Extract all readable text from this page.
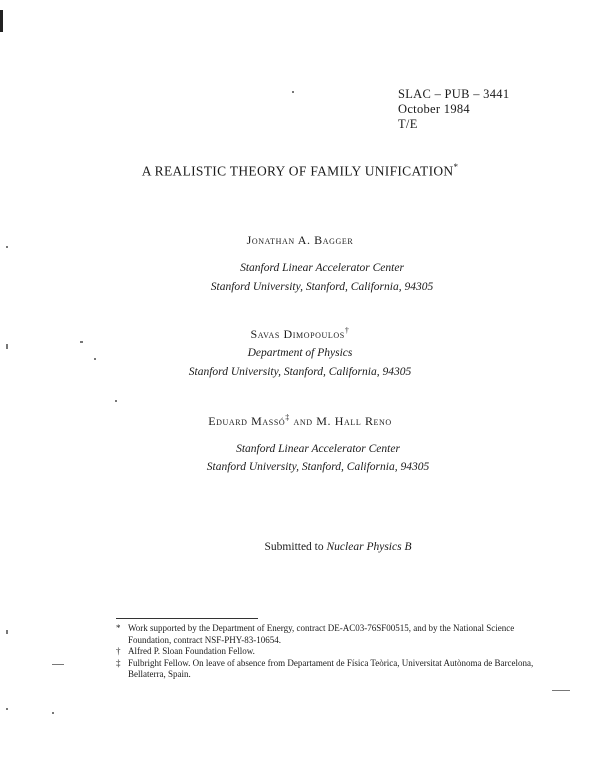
SLAC – PUB – 3441
October 1984
T/E
A REALISTIC THEORY OF FAMILY UNIFICATION*
Jonathan A. Bagger
Stanford Linear Accelerator Center
Stanford University, Stanford, California, 94305
Savas Dimopoulos†
Department of Physics
Stanford University, Stanford, California, 94305
Eduard Massó‡ and M. Hall Reno
Stanford Linear Accelerator Center
Stanford University, Stanford, California, 94305
Submitted to Nuclear Physics B
* Work supported by the Department of Energy, contract DE-AC03-76SF00515, and by the National Science Foundation, contract NSF-PHY-83-10654.
† Alfred P. Sloan Foundation Fellow.
‡ Fulbright Fellow. On leave of absence from Departament de Física Teòrica, Universitat Autònoma de Barcelona, Bellaterra, Spain.
